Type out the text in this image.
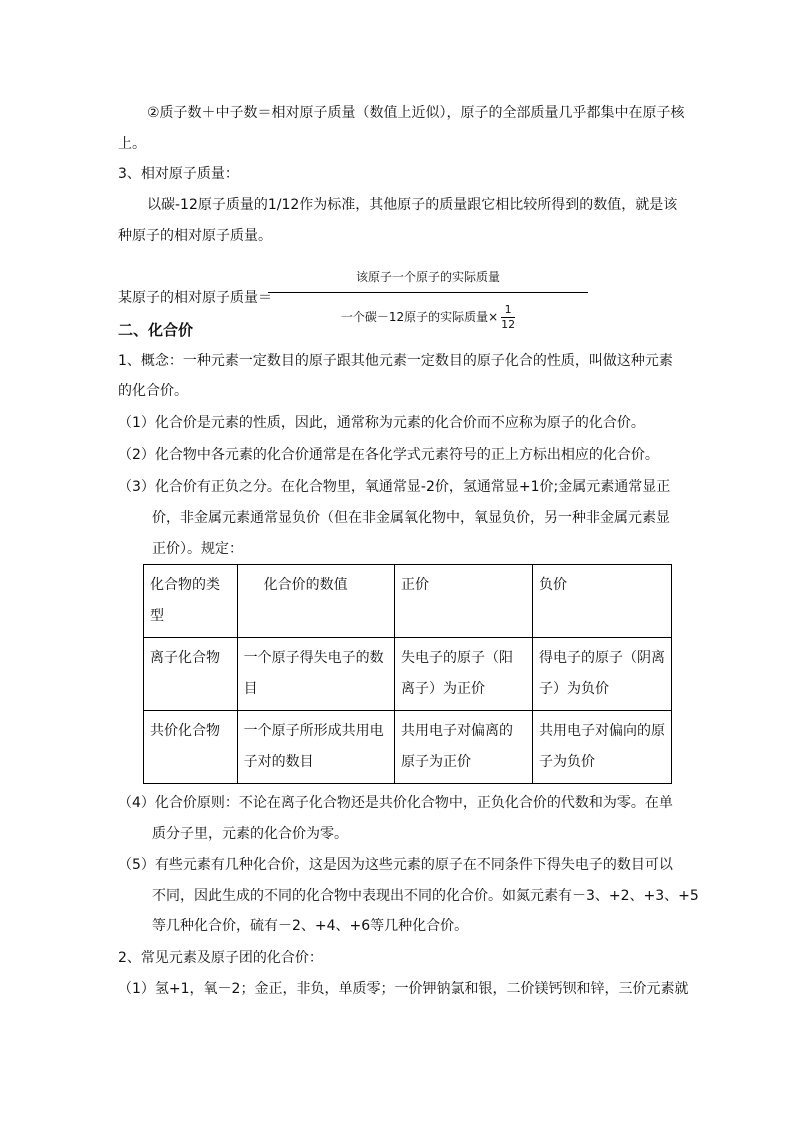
②质子数＋中子数＝相对原子质量（数值上近似），原子的全部质量几乎都集中在原子核
上。
3、相对原子质量：
以碳-12原子质量的1/12作为标准，其他原子的质量跟它相比较所得到的数值，就是该
种原子的相对原子质量。
该原子一个原子的实际质量
某原子的相对原子质量＝
一个碳－12原子的实际质量× $\frac{1}{12}$
二、化合价
1、概念：一种元素一定数目的原子跟其他元素一定数目的原子化合的性质，叫做这种元素
的化合价。
（1）化合价是元素的性质，因此，通常称为元素的化合价而不应称为原子的化合价。
（2）化合物中各元素的化合价通常是在各化学式元素符号的正上方标出相应的化合价。
（3）化合价有正负之分。在化合物里，氧通常显-2价，氢通常显+1价;金属元素通常显正
价，非金属元素通常显负价（但在非金属氧化物中，氧显负价，另一种非金属元素显
正价）。规定：
化合物的类型	化合价的数值	正价	负价
离子化合物	一个原子得失电子的数目	失电子的原子（阳离子）为正价	得电子的原子（阴离子）为负价
共价化合物	一个原子所形成共用电子对的数目	共用电子对偏离的原子为正价	共用电子对偏向的原子为负价
（4）化合价原则：不论在离子化合物还是共价化合物中，正负化合价的代数和为零。在单
质分子里，元素的化合价为零。
（5）有些元素有几种化合价，这是因为这些元素的原子在不同条件下得失电子的数目可以
不同，因此生成的不同的化合物中表现出不同的化合价。如氮元素有－3、+2、+3、+5
等几种化合价，硫有－2、+4、+6等几种化合价。
2、常见元素及原子团的化合价：
（1）氢+1，氧－2；金正，非负，单质零；一价钾钠氯和银，二价镁钙钡和锌，三价元素就
